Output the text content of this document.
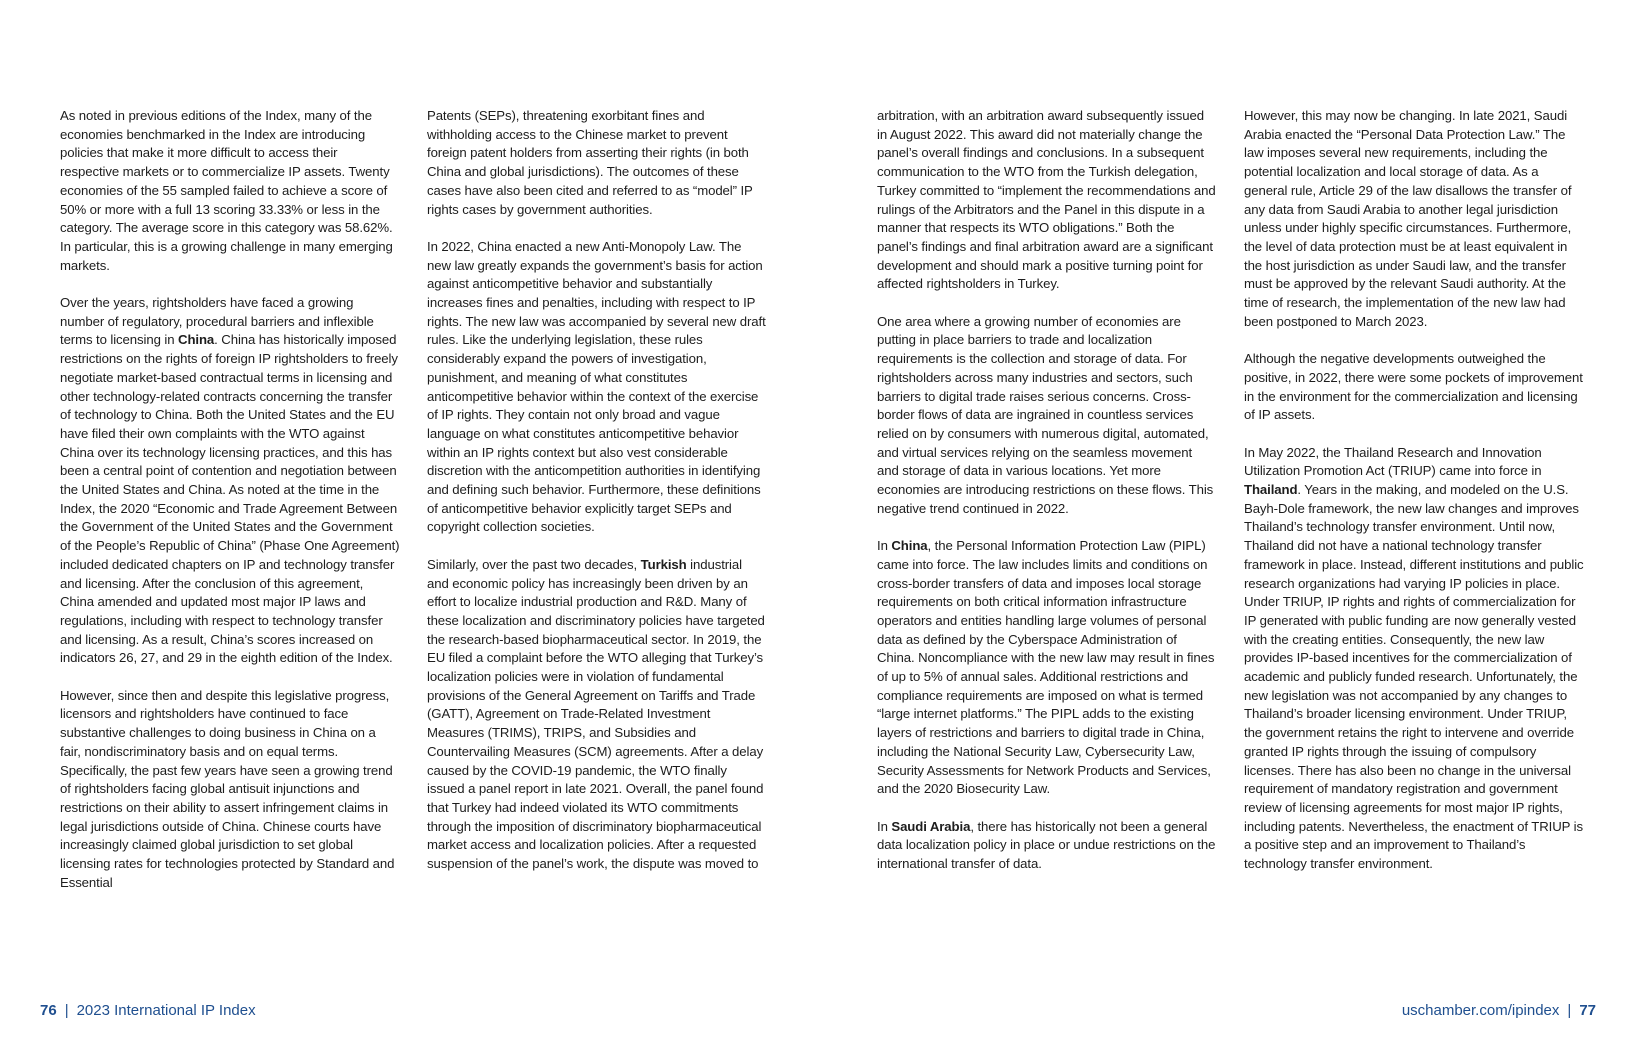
As noted in previous editions of the Index, many of the economies benchmarked in the Index are introducing policies that make it more difficult to access their respective markets or to commercialize IP assets. Twenty economies of the 55 sampled failed to achieve a score of 50% or more with a full 13 scoring 33.33% or less in the category. The average score in this category was 58.62%. In particular, this is a growing challenge in many emerging markets.

Over the years, rightsholders have faced a growing number of regulatory, procedural barriers and inflexible terms to licensing in China. China has historically imposed restrictions on the rights of foreign IP rightsholders to freely negotiate market-based contractual terms in licensing and other technology-related contracts concerning the transfer of technology to China. Both the United States and the EU have filed their own complaints with the WTO against China over its technology licensing practices, and this has been a central point of contention and negotiation between the United States and China. As noted at the time in the Index, the 2020 “Economic and Trade Agreement Between the Government of the United States and the Government of the People’s Republic of China” (Phase One Agreement) included dedicated chapters on IP and technology transfer and licensing. After the conclusion of this agreement, China amended and updated most major IP laws and regulations, including with respect to technology transfer and licensing. As a result, China’s scores increased on indicators 26, 27, and 29 in the eighth edition of the Index.

However, since then and despite this legislative progress, licensors and rightsholders have continued to face substantive challenges to doing business in China on a fair, nondiscriminatory basis and on equal terms. Specifically, the past few years have seen a growing trend of rightsholders facing global antisuit injunctions and restrictions on their ability to assert infringement claims in legal jurisdictions outside of China. Chinese courts have increasingly claimed global jurisdiction to set global licensing rates for technologies protected by Standard and Essential

Patents (SEPs), threatening exorbitant fines and withholding access to the Chinese market to prevent foreign patent holders from asserting their rights (in both China and global jurisdictions). The outcomes of these cases have also been cited and referred to as “model” IP rights cases by government authorities.

In 2022, China enacted a new Anti-Monopoly Law. The new law greatly expands the government’s basis for action against anticompetitive behavior and substantially increases fines and penalties, including with respect to IP rights. The new law was accompanied by several new draft rules. Like the underlying legislation, these rules considerably expand the powers of investigation, punishment, and meaning of what constitutes anticompetitive behavior within the context of the exercise of IP rights. They contain not only broad and vague language on what constitutes anticompetitive behavior within an IP rights context but also vest considerable discretion with the anticompetition authorities in identifying and defining such behavior. Furthermore, these definitions of anticompetitive behavior explicitly target SEPs and copyright collection societies.

Similarly, over the past two decades, Turkish industrial and economic policy has increasingly been driven by an effort to localize industrial production and R&D. Many of these localization and discriminatory policies have targeted the research-based biopharmaceutical sector. In 2019, the EU filed a complaint before the WTO alleging that Turkey’s localization policies were in violation of fundamental provisions of the General Agreement on Tariffs and Trade (GATT), Agreement on Trade-Related Investment Measures (TRIMS), TRIPS, and Subsidies and Countervailing Measures (SCM) agreements. After a delay caused by the COVID-19 pandemic, the WTO finally issued a panel report in late 2021. Overall, the panel found that Turkey had indeed violated its WTO commitments through the imposition of discriminatory biopharmaceutical market access and localization policies. After a requested suspension of the panel’s work, the dispute was moved to

arbitration, with an arbitration award subsequently issued in August 2022. This award did not materially change the panel’s overall findings and conclusions. In a subsequent communication to the WTO from the Turkish delegation, Turkey committed to “implement the recommendations and rulings of the Arbitrators and the Panel in this dispute in a manner that respects its WTO obligations.” Both the panel’s findings and final arbitration award are a significant development and should mark a positive turning point for affected rightsholders in Turkey.

One area where a growing number of economies are putting in place barriers to trade and localization requirements is the collection and storage of data. For rightsholders across many industries and sectors, such barriers to digital trade raises serious concerns. Cross-border flows of data are ingrained in countless services relied on by consumers with numerous digital, automated, and virtual services relying on the seamless movement and storage of data in various locations. Yet more economies are introducing restrictions on these flows. This negative trend continued in 2022.

In China, the Personal Information Protection Law (PIPL) came into force. The law includes limits and conditions on cross-border transfers of data and imposes local storage requirements on both critical information infrastructure operators and entities handling large volumes of personal data as defined by the Cyberspace Administration of China. Noncompliance with the new law may result in fines of up to 5% of annual sales. Additional restrictions and compliance requirements are imposed on what is termed “large internet platforms.” The PIPL adds to the existing layers of restrictions and barriers to digital trade in China, including the National Security Law, Cybersecurity Law, Security Assessments for Network Products and Services, and the 2020 Biosecurity Law.

In Saudi Arabia, there has historically not been a general data localization policy in place or undue restrictions on the international transfer of data.

However, this may now be changing. In late 2021, Saudi Arabia enacted the “Personal Data Protection Law.” The law imposes several new requirements, including the potential localization and local storage of data. As a general rule, Article 29 of the law disallows the transfer of any data from Saudi Arabia to another legal jurisdiction unless under highly specific circumstances. Furthermore, the level of data protection must be at least equivalent in the host jurisdiction as under Saudi law, and the transfer must be approved by the relevant Saudi authority. At the time of research, the implementation of the new law had been postponed to March 2023.

Although the negative developments outweighed the positive, in 2022, there were some pockets of improvement in the environment for the commercialization and licensing of IP assets.

In May 2022, the Thailand Research and Innovation Utilization Promotion Act (TRIUP) came into force in Thailand. Years in the making, and modeled on the U.S. Bayh-Dole framework, the new law changes and improves Thailand’s technology transfer environment. Until now, Thailand did not have a national technology transfer framework in place. Instead, different institutions and public research organizations had varying IP policies in place. Under TRIUP, IP rights and rights of commercialization for IP generated with public funding are now generally vested with the creating entities. Consequently, the new law provides IP-based incentives for the commercialization of academic and publicly funded research. Unfortunately, the new legislation was not accompanied by any changes to Thailand’s broader licensing environment. Under TRIUP, the government retains the right to intervene and override granted IP rights through the issuing of compulsory licenses. There has also been no change in the universal requirement of mandatory registration and government review of licensing agreements for most major IP rights, including patents. Nevertheless, the enactment of TRIUP is a positive step and an improvement to Thailand’s technology transfer environment.

76 | 2023 International IP Index	uschamber.com/ipindex | 77
